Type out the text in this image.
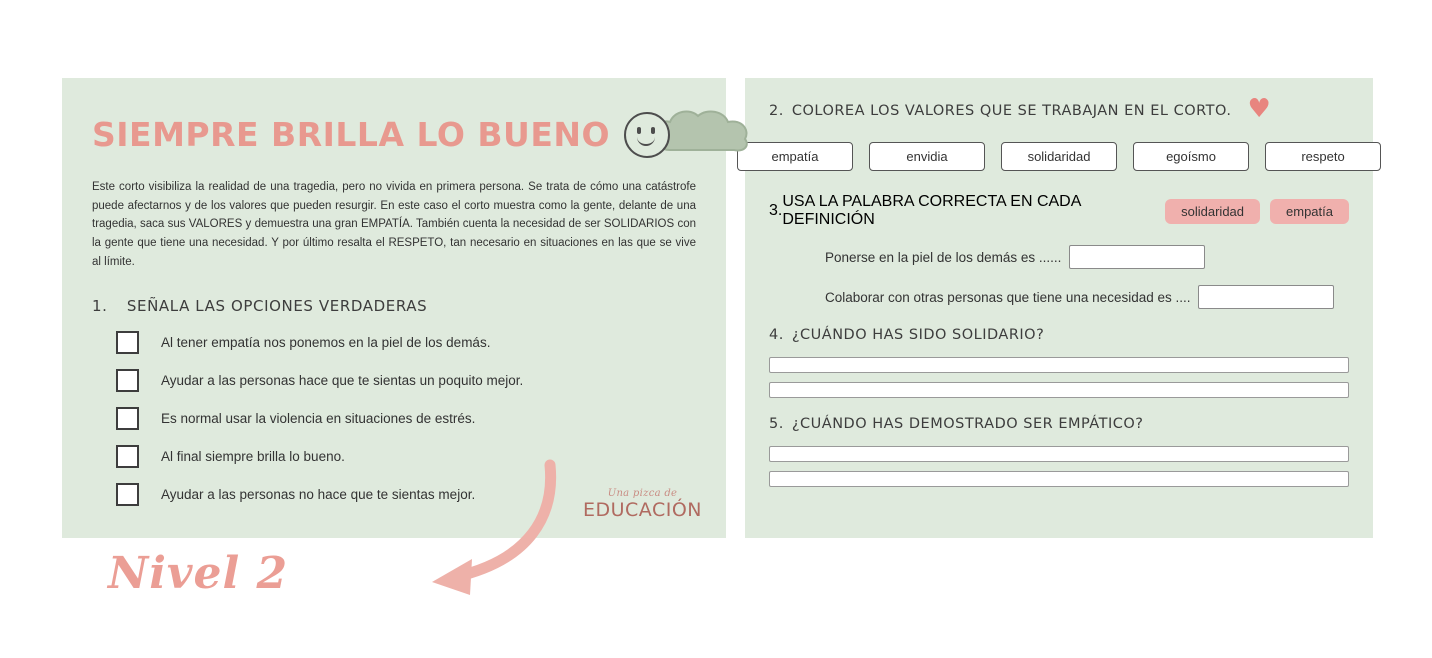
SIEMPRE BRILLA LO BUENO
Este corto visibiliza la realidad de una tragedia, pero no vivida en primera persona. Se trata de cómo una catástrofe puede afectarnos y de los valores que pueden resurgir. En este caso el corto muestra como la gente, delante de una tragedia, saca sus VALORES y demuestra una gran EMPATÍA. También cuenta la necesidad de ser SOLIDARIOS con la gente que tiene una necesidad. Y por último resalta el RESPETO, tan necesario en situaciones en las que se vive al límite.
1. SEÑALA LAS OPCIONES VERDADERAS
Al tener empatía nos ponemos en la piel de los demás.
Ayudar a las personas hace que te sientas un poquito mejor.
Es normal usar la violencia en situaciones de estrés.
Al final siempre brilla lo bueno.
Ayudar a las personas no hace que te sientas mejor.	Una pizca de
EDUCACIÓN
Nivel 2
2. COLOREA LOS VALORES QUE SE TRABAJAN EN EL CORTO. ♥
empatía	envidia	solidaridad	egoísmo	respeto
3.
USA LA PALABRA CORRECTA EN CADA DEFINICIÓN	solidaridad	empatía
Ponerse en la piel de los demás es ......
Colaborar con otras personas que tiene una necesidad es ....
4. ¿CUÁNDO HAS SIDO SOLIDARIO?
5. ¿CUÁNDO HAS DEMOSTRADO SER EMPÁTICO?
